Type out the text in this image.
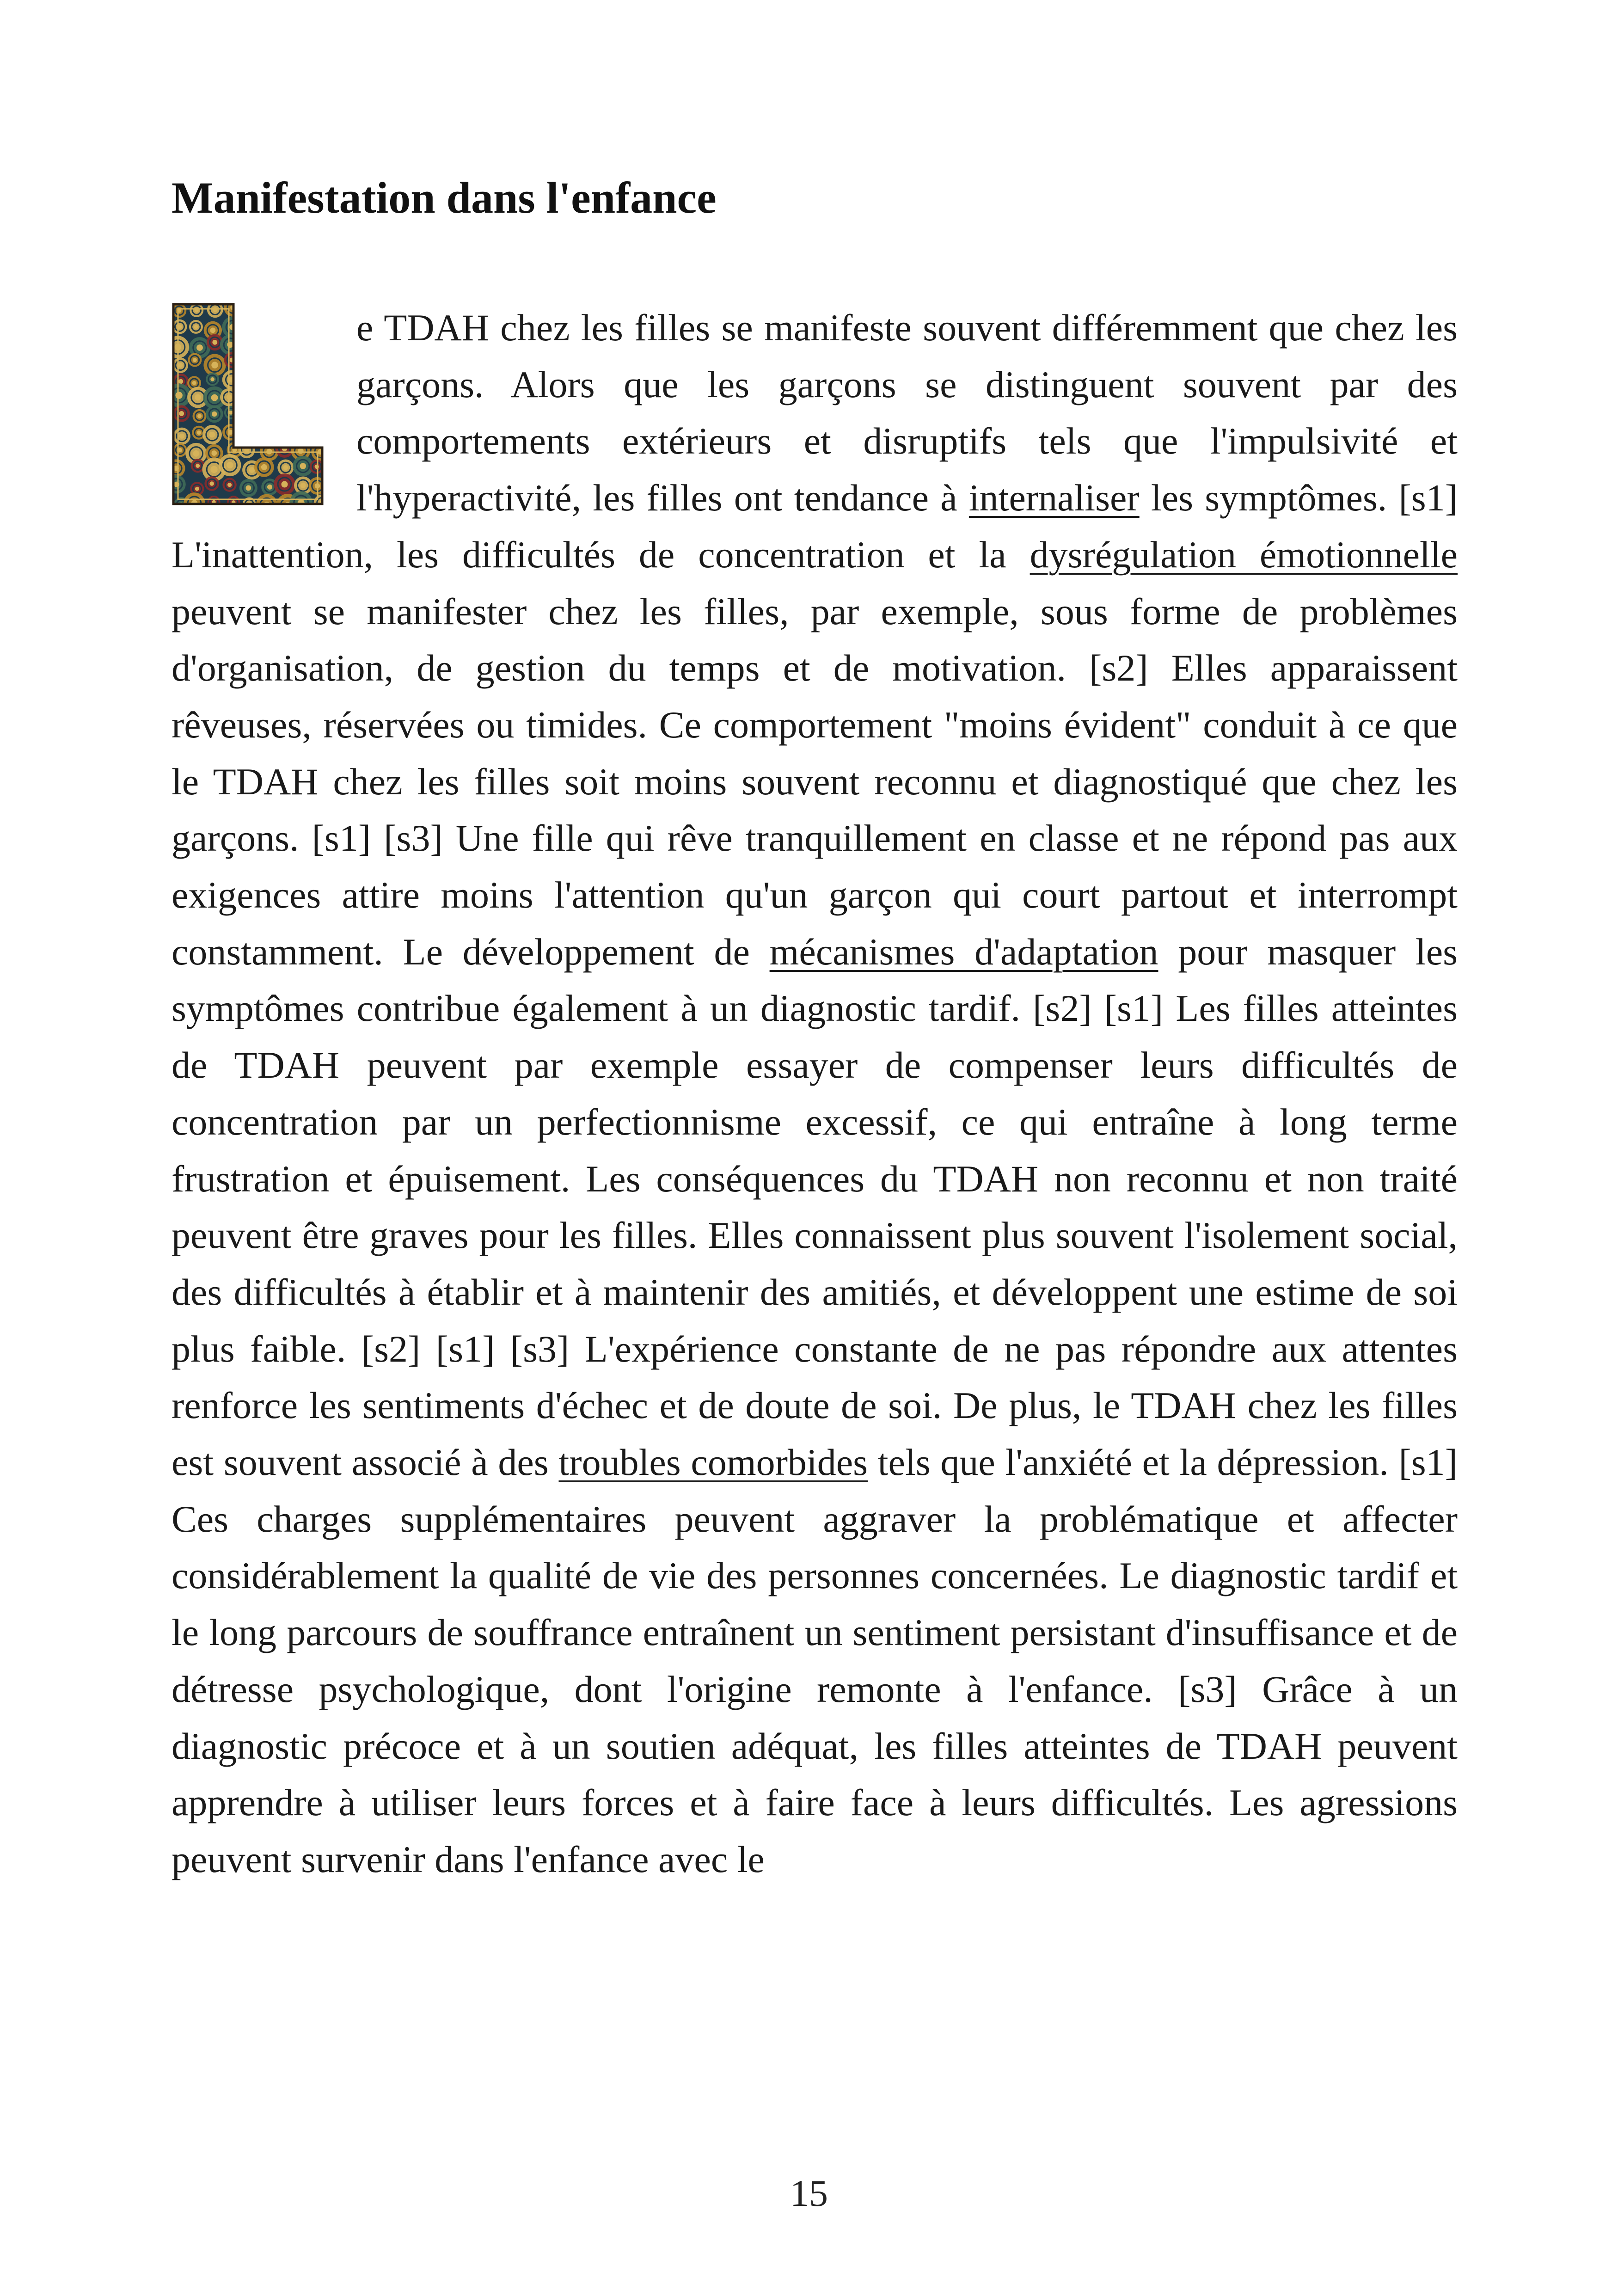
Manifestation dans l'enfance

e TDAH chez les filles se manifeste souvent différemment que chez les garçons. Alors que les garçons se distinguent souvent par des comportements extérieurs et disruptifs tels que l'impulsivité et l'hyperactivité, les filles ont tendance à internaliser les symptômes. [s1] L'inattention, les difficultés de concentration et la dysrégulation émotionnelle peuvent se manifester chez les filles, par exemple, sous forme de problèmes d'organisation, de gestion du temps et de motivation. [s2] Elles apparaissent rêveuses, réservées ou timides. Ce comportement "moins évident" conduit à ce que le TDAH chez les filles soit moins souvent reconnu et diagnostiqué que chez les garçons. [s1] [s3] Une fille qui rêve tranquillement en classe et ne répond pas aux exigences attire moins l'attention qu'un garçon qui court partout et interrompt constamment. Le développement de mécanismes d'adaptation pour masquer les symptômes contribue également à un diagnostic tardif. [s2] [s1] Les filles atteintes de TDAH peuvent par exemple essayer de compenser leurs difficultés de concentration par un perfectionnisme excessif, ce qui entraîne à long terme frustration et épuisement. Les conséquences du TDAH non reconnu et non traité peuvent être graves pour les filles. Elles connaissent plus souvent l'isolement social, des difficultés à établir et à maintenir des amitiés, et développent une estime de soi plus faible. [s2] [s1] [s3] L'expérience constante de ne pas répondre aux attentes renforce les sentiments d'échec et de doute de soi. De plus, le TDAH chez les filles est souvent associé à des troubles comorbides tels que l'anxiété et la dépression. [s1] Ces charges supplémentaires peuvent aggraver la problématique et affecter considérablement la qualité de vie des personnes concernées. Le diagnostic tardif et le long parcours de souffrance entraînent un sentiment persistant d'insuffisance et de détresse psychologique, dont l'origine remonte à l'enfance. [s3] Grâce à un diagnostic précoce et à un soutien adéquat, les filles atteintes de TDAH peuvent apprendre à utiliser leurs forces et à faire face à leurs difficultés. Les agressions peuvent survenir dans l'enfance avec le

15
